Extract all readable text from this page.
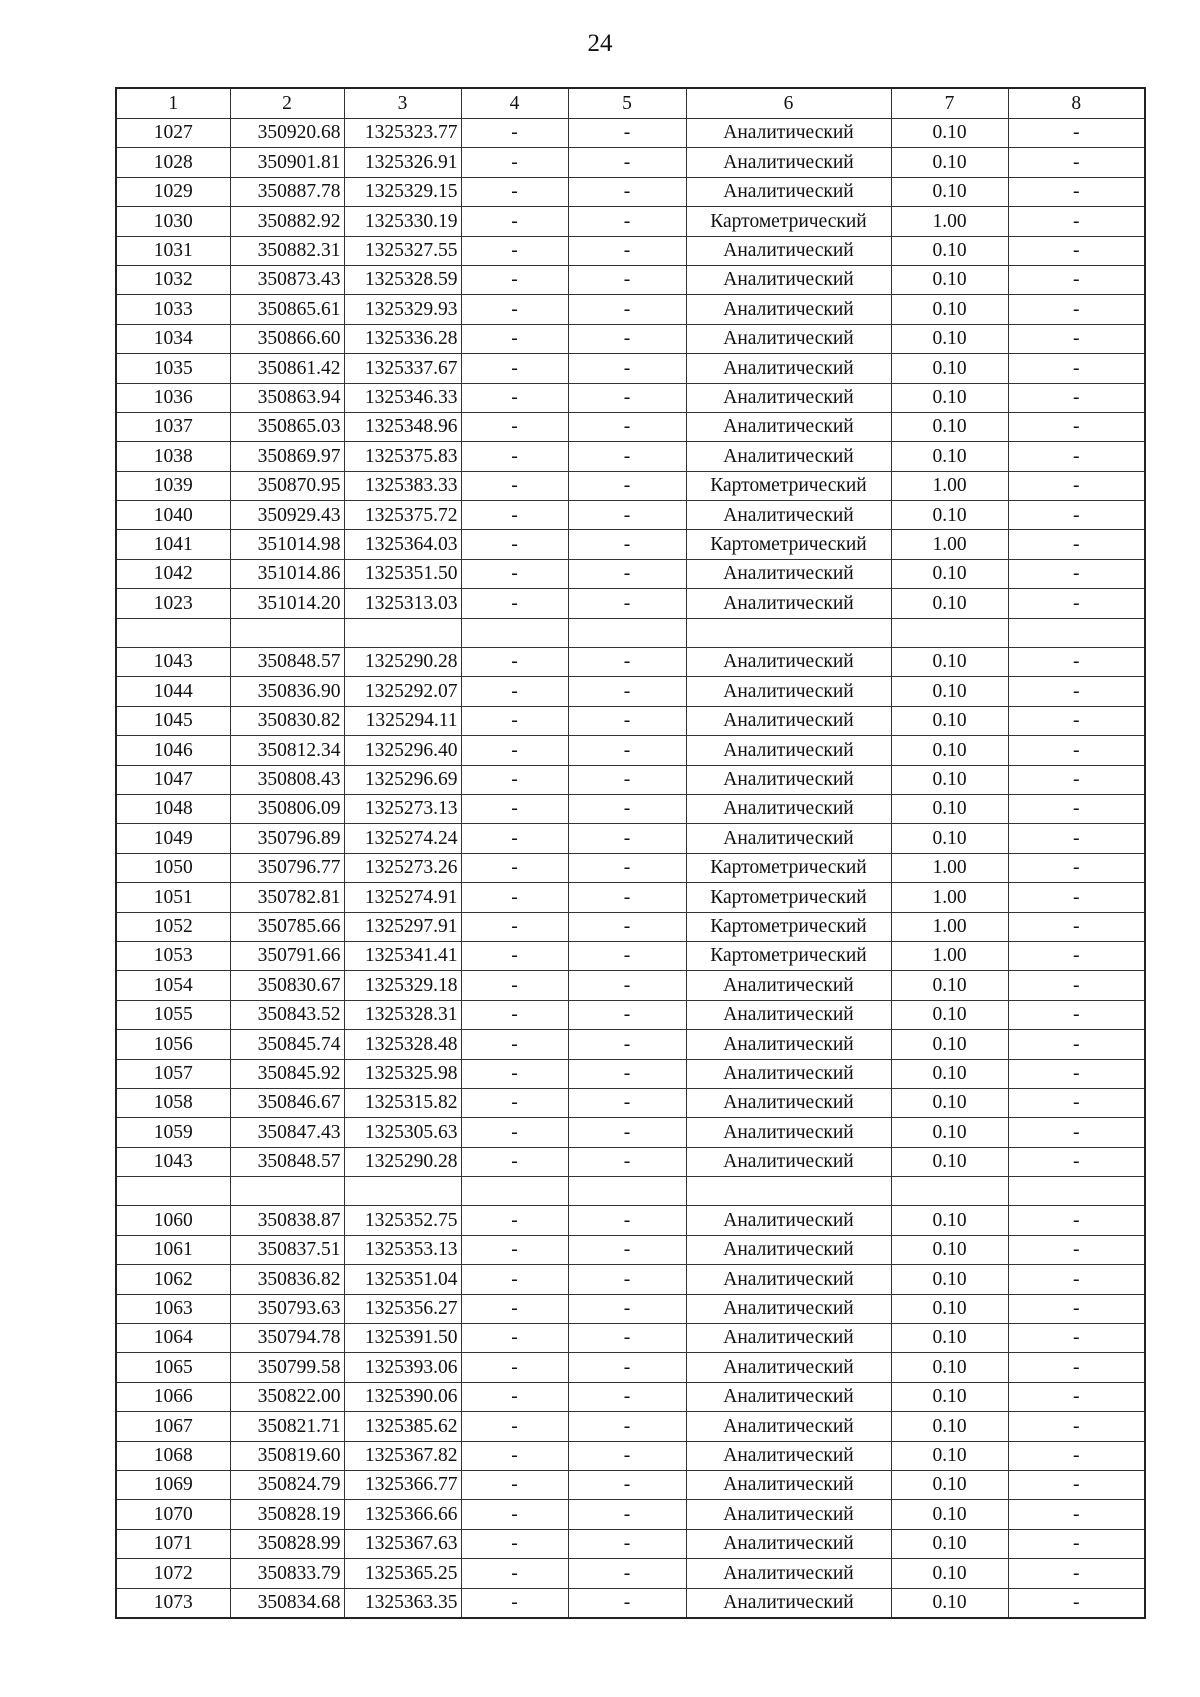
24
1	2	3	4	5	6	7	8
1027	350920.68	1325323.77	-	-	Аналитический	0.10	-
1028	350901.81	1325326.91	-	-	Аналитический	0.10	-
1029	350887.78	1325329.15	-	-	Аналитический	0.10	-
1030	350882.92	1325330.19	-	-	Картометрический	1.00	-
1031	350882.31	1325327.55	-	-	Аналитический	0.10	-
1032	350873.43	1325328.59	-	-	Аналитический	0.10	-
1033	350865.61	1325329.93	-	-	Аналитический	0.10	-
1034	350866.60	1325336.28	-	-	Аналитический	0.10	-
1035	350861.42	1325337.67	-	-	Аналитический	0.10	-
1036	350863.94	1325346.33	-	-	Аналитический	0.10	-
1037	350865.03	1325348.96	-	-	Аналитический	0.10	-
1038	350869.97	1325375.83	-	-	Аналитический	0.10	-
1039	350870.95	1325383.33	-	-	Картометрический	1.00	-
1040	350929.43	1325375.72	-	-	Аналитический	0.10	-
1041	351014.98	1325364.03	-	-	Картометрический	1.00	-
1042	351014.86	1325351.50	-	-	Аналитический	0.10	-
1023	351014.20	1325313.03	-	-	Аналитический	0.10	-

1043	350848.57	1325290.28	-	-	Аналитический	0.10	-
1044	350836.90	1325292.07	-	-	Аналитический	0.10	-
1045	350830.82	1325294.11	-	-	Аналитический	0.10	-
1046	350812.34	1325296.40	-	-	Аналитический	0.10	-
1047	350808.43	1325296.69	-	-	Аналитический	0.10	-
1048	350806.09	1325273.13	-	-	Аналитический	0.10	-
1049	350796.89	1325274.24	-	-	Аналитический	0.10	-
1050	350796.77	1325273.26	-	-	Картометрический	1.00	-
1051	350782.81	1325274.91	-	-	Картометрический	1.00	-
1052	350785.66	1325297.91	-	-	Картометрический	1.00	-
1053	350791.66	1325341.41	-	-	Картометрический	1.00	-
1054	350830.67	1325329.18	-	-	Аналитический	0.10	-
1055	350843.52	1325328.31	-	-	Аналитический	0.10	-
1056	350845.74	1325328.48	-	-	Аналитический	0.10	-
1057	350845.92	1325325.98	-	-	Аналитический	0.10	-
1058	350846.67	1325315.82	-	-	Аналитический	0.10	-
1059	350847.43	1325305.63	-	-	Аналитический	0.10	-
1043	350848.57	1325290.28	-	-	Аналитический	0.10	-

1060	350838.87	1325352.75	-	-	Аналитический	0.10	-
1061	350837.51	1325353.13	-	-	Аналитический	0.10	-
1062	350836.82	1325351.04	-	-	Аналитический	0.10	-
1063	350793.63	1325356.27	-	-	Аналитический	0.10	-
1064	350794.78	1325391.50	-	-	Аналитический	0.10	-
1065	350799.58	1325393.06	-	-	Аналитический	0.10	-
1066	350822.00	1325390.06	-	-	Аналитический	0.10	-
1067	350821.71	1325385.62	-	-	Аналитический	0.10	-
1068	350819.60	1325367.82	-	-	Аналитический	0.10	-
1069	350824.79	1325366.77	-	-	Аналитический	0.10	-
1070	350828.19	1325366.66	-	-	Аналитический	0.10	-
1071	350828.99	1325367.63	-	-	Аналитический	0.10	-
1072	350833.79	1325365.25	-	-	Аналитический	0.10	-
1073	350834.68	1325363.35	-	-	Аналитический	0.10	-
